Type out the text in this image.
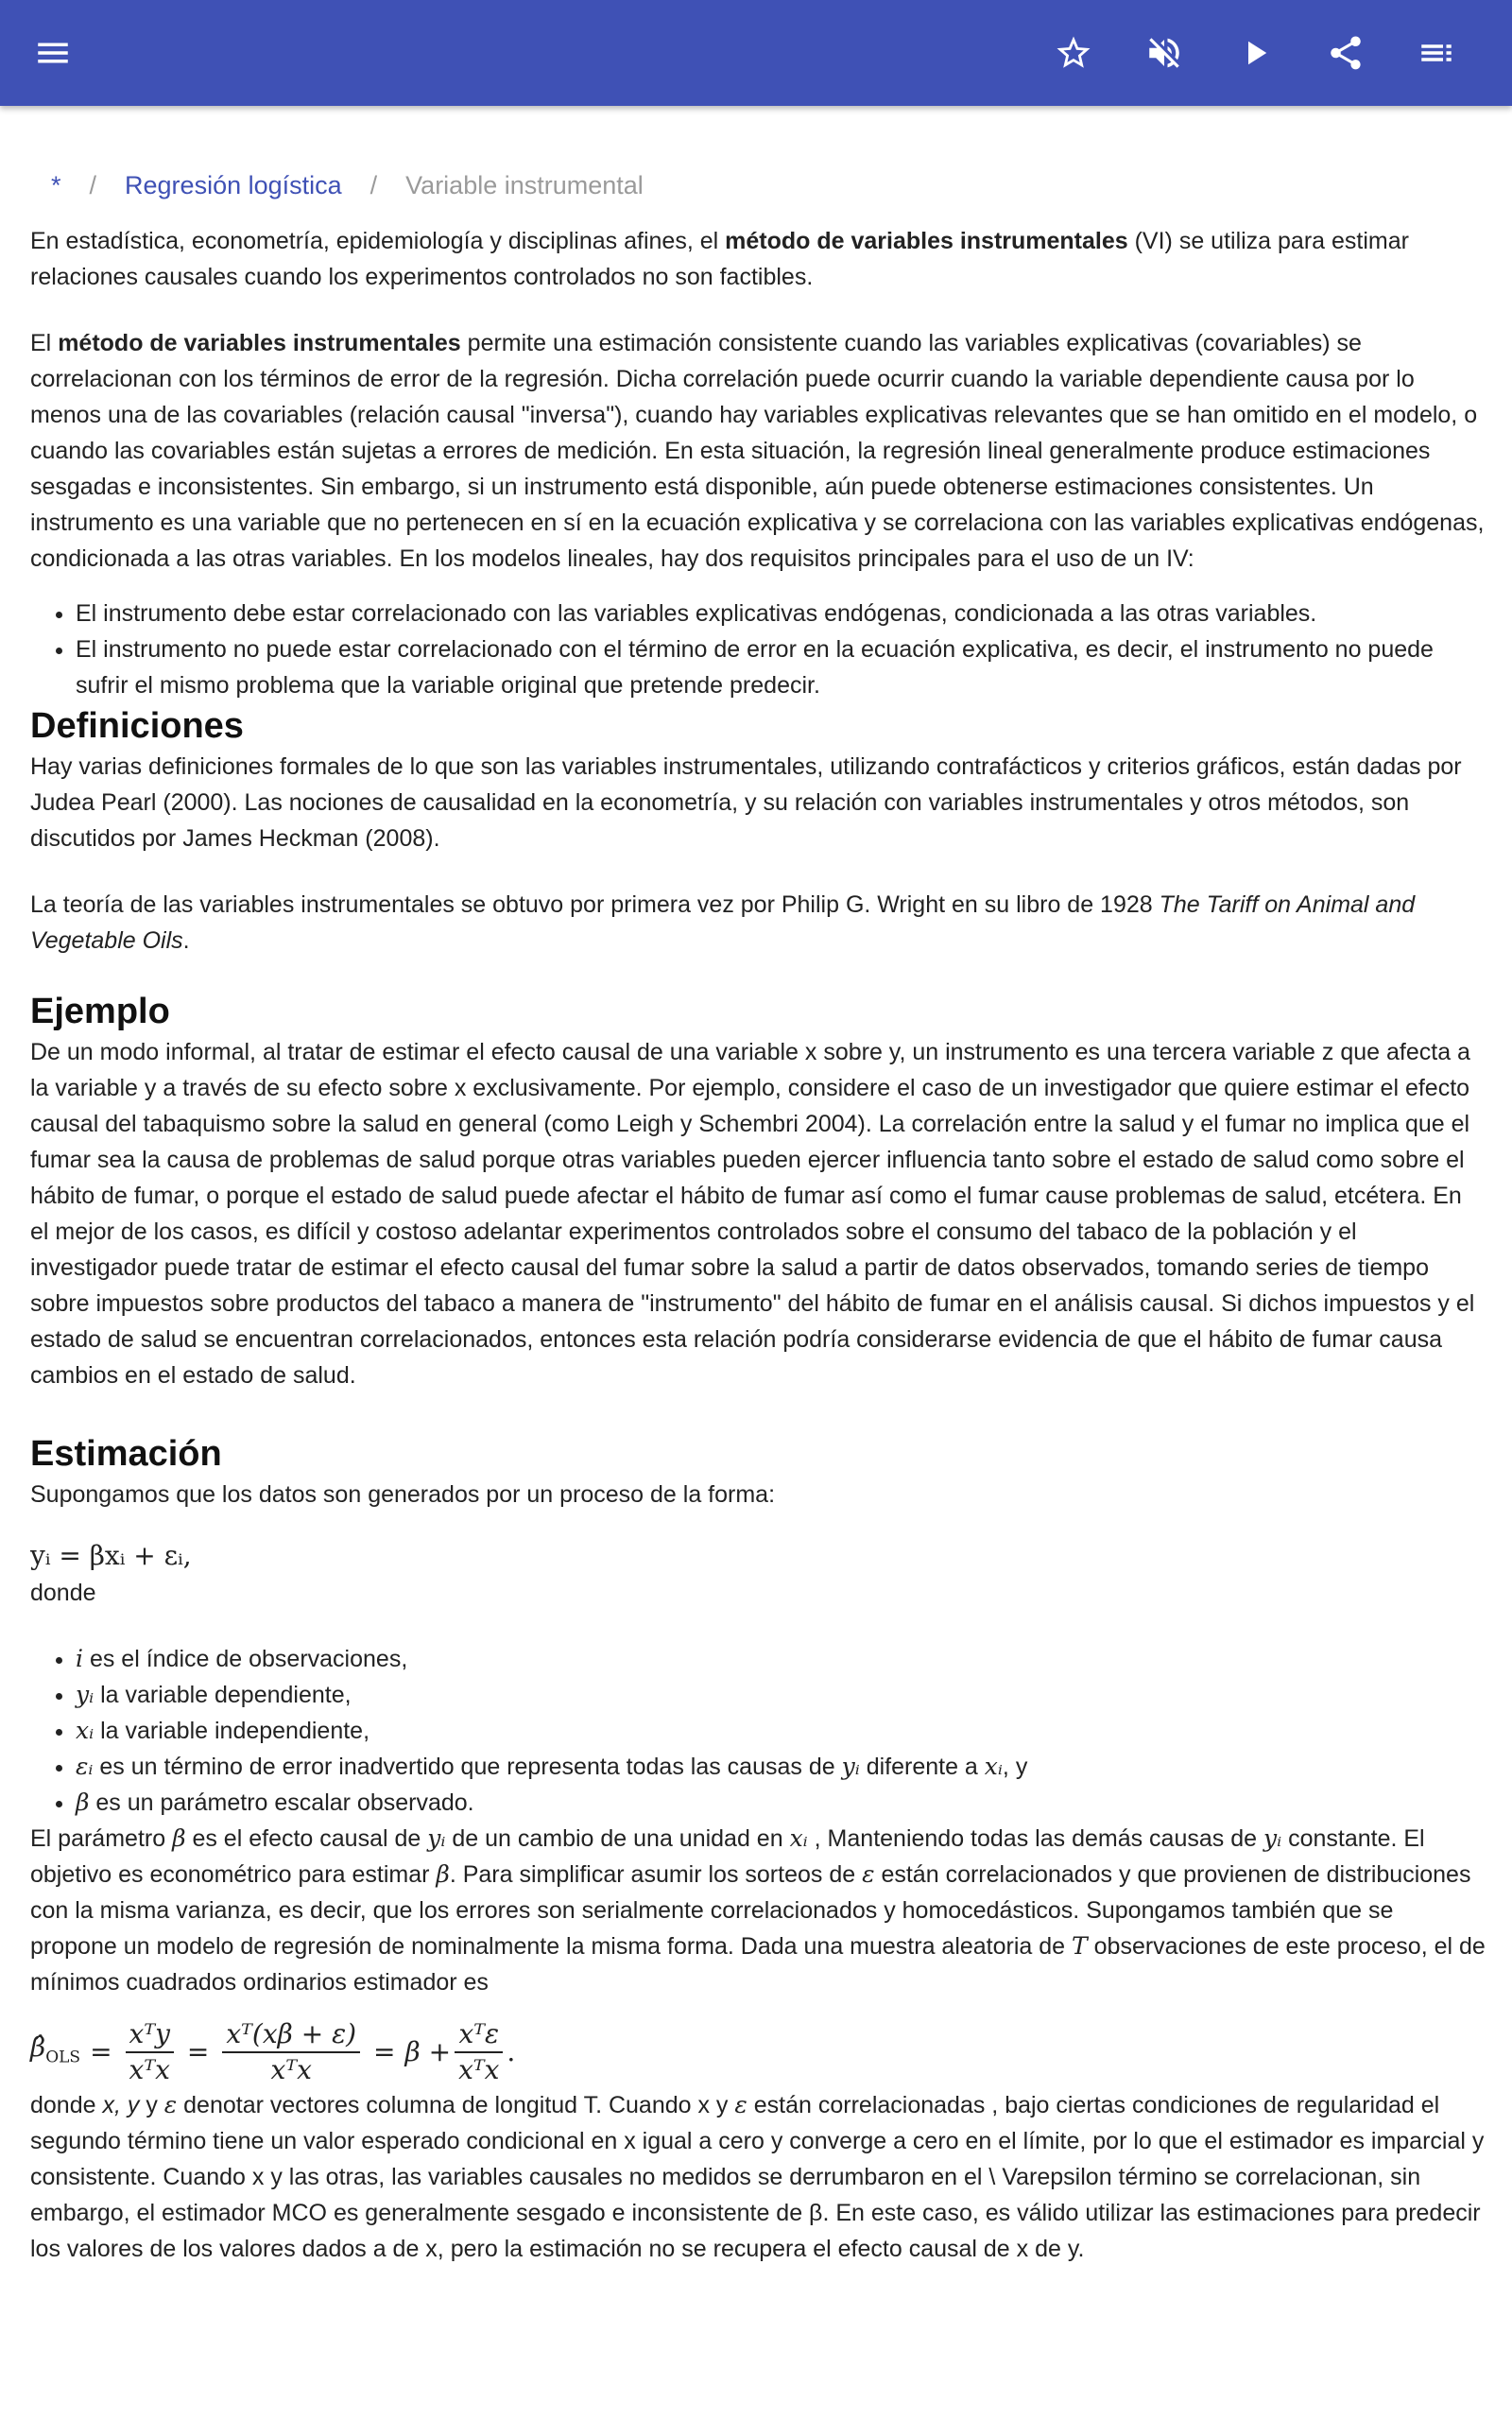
* / Regresión logística / Variable instrumental

En estadística, econometría, epidemiología y disciplinas afines, el método de variables instrumentales (VI) se utiliza para estimar relaciones causales cuando los experimentos controlados no son factibles.

El método de variables instrumentales permite una estimación consistente cuando las variables explicativas (covariables) se correlacionan con los términos de error de la regresión. Dicha correlación puede ocurrir cuando la variable dependiente causa por lo menos una de las covariables (relación causal "inversa"), cuando hay variables explicativas relevantes que se han omitido en el modelo, o cuando las covariables están sujetas a errores de medición. En esta situación, la regresión lineal generalmente produce estimaciones sesgadas e inconsistentes. Sin embargo, si un instrumento está disponible, aún puede obtenerse estimaciones consistentes. Un instrumento es una variable que no pertenecen en sí en la ecuación explicativa y se correlaciona con las variables explicativas endógenas, condicionada a las otras variables. En los modelos lineales, hay dos requisitos principales para el uso de un IV:

• El instrumento debe estar correlacionado con las variables explicativas endógenas, condicionada a las otras variables.
• El instrumento no puede estar correlacionado con el término de error en la ecuación explicativa, es decir, el instrumento no puede sufrir el mismo problema que la variable original que pretende predecir.
Definiciones

Hay varias definiciones formales de lo que son las variables instrumentales, utilizando contrafácticos y criterios gráficos, están dadas por Judea Pearl (2000). Las nociones de causalidad en la econometría, y su relación con variables instrumentales y otros métodos, son discutidos por James Heckman (2008).

La teoría de las variables instrumentales se obtuvo por primera vez por Philip G. Wright en su libro de 1928 The Tariff on Animal and Vegetable Oils.

Ejemplo

De un modo informal, al tratar de estimar el efecto causal de una variable x sobre y, un instrumento es una tercera variable z que afecta a la variable y a través de su efecto sobre x exclusivamente. Por ejemplo, considere el caso de un investigador que quiere estimar el efecto causal del tabaquismo sobre la salud en general (como Leigh y Schembri 2004). La correlación entre la salud y el fumar no implica que el fumar sea la causa de problemas de salud porque otras variables pueden ejercer influencia tanto sobre el estado de salud como sobre el hábito de fumar, o porque el estado de salud puede afectar el hábito de fumar así como el fumar cause problemas de salud, etcétera. En el mejor de los casos, es difícil y costoso adelantar experimentos controlados sobre el consumo del tabaco de la población y el investigador puede tratar de estimar el efecto causal del fumar sobre la salud a partir de datos observados, tomando series de tiempo sobre impuestos sobre productos del tabaco a manera de "instrumento" del hábito de fumar en el análisis causal. Si dichos impuestos y el estado de salud se encuentran correlacionados, entonces esta relación podría considerarse evidencia de que el hábito de fumar causa cambios en el estado de salud.

Estimación

Supongamos que los datos son generados por un proceso de la forma:

yᵢ = βxᵢ + εᵢ,
donde
• i es el índice de observaciones,
• yᵢ la variable dependiente,
• xᵢ la variable independiente,
• εᵢ es un término de error inadvertido que representa todas las causas de yᵢ diferente a xᵢ, y
• β es un parámetro escalar observado.

El parámetro β es el efecto causal de yᵢ de un cambio de una unidad en xᵢ , Manteniendo todas las demás causas de yᵢ constante. El objetivo es econométrico para estimar β. Para simplificar asumir los sorteos de ε están correlacionados y que provienen de distribuciones con la misma varianza, es decir, que los errores son serialmente correlacionados y homocedásticos. Supongamos también que se propone un modelo de regresión de nominalmente la misma forma. Dada una muestra aleatoria de T observaciones de este proceso, el de mínimos cuadrados ordinarios estimador es

$\betâ_{OLS} = \frac{\text{xᵀy}}{\text{xᵀx}} = \frac{\text{xᵀ(xβ + ε)}}{\text{xᵀx}} = \beta + \frac{\text{xᵀε}}{\text{xᵀx}}$ .

donde x, y y ε denotar vectores columna de longitud T. Cuando x y ε están correlacionadas , bajo ciertas condiciones de regularidad el segundo término tiene un valor esperado condicional en x igual a cero y converge a cero en el límite, por lo que el estimador es imparcial y consistente. Cuando x y las otras, las variables causales no medidos se derrumbaron en el \ Varepsilon término se correlacionan, sin embargo, el estimador MCO es generalmente sesgado e inconsistente de β. En este caso, es válido utilizar las estimaciones para predecir los valores de los valores dados a de x, pero la estimación no se recupera el efecto causal de x de y.
